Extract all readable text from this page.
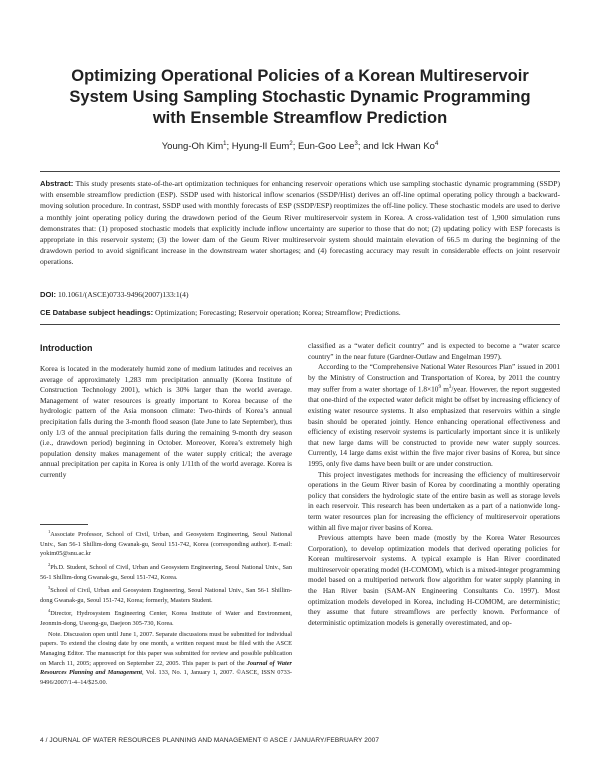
Optimizing Operational Policies of a Korean Multireservoir
System Using Sampling Stochastic Dynamic Programming
with Ensemble Streamflow Prediction
Young-Oh Kim$^1$; Hyung-Il Eum$^2$; Eun-Goo Lee$^3$; and Ick Hwan Ko$^4$
Abstract: This study presents state-of-the-art optimization techniques for enhancing reservoir operations which use sampling stochastic dynamic programming (SSDP) with ensemble streamflow prediction (ESP). SSDP used with historical inflow scenarios (SSDP/Hist) derives an off-line optimal operating policy through a backward-moving solution procedure. In contrast, SSDP used with monthly forecasts of ESP (SSDP/ESP) reoptimizes the off-line policy. These stochastic models are used to derive a monthly joint operating policy during the drawdown period of the Geum River multireservoir system in Korea. A cross-validation test of 1,900 simulation runs demonstrates that: (1) proposed stochastic models that explicitly include inflow uncertainty are superior to those that do not; (2) updating policy with ESP forecasts is appropriate in this reservoir system; (3) the lower dam of the Geum River multireservoir system should maintain elevation of 66.5 m during the beginning of the drawdown period to avoid significant increase in the downstream water shortages; and (4) forecasting accuracy may result in considerable effects on joint reservoir operations.
DOI: 10.1061/(ASCE)0733-9496(2007)133:1(4)
CE Database subject headings: Optimization; Forecasting; Reservoir operation; Korea; Streamflow; Predictions.
Introduction

Korea is located in the moderately humid zone of medium latitudes and receives an average of approximately 1,283 mm precipitation annually (Korea Institute of Construction Technology 2001), which is 30% larger than the world average. Management of water resources is greatly important to Korea because of the hydrologic pattern of the Asia monsoon climate: Two-thirds of Korea’s annual precipitation falls during the 3-month flood season (late June to late September), thus only 1/3 of the annual precipitation falls during the remaining 9-month dry season (i.e., drawdown period) beginning in October. Moreover, Korea’s extremely high population density makes management of the water supply critical; the average annual precipitation per capita in Korea is only 1/11th of the world average. Korea is currently

$^1$Associate Professor, School of Civil, Urban, and Geosystem Engineering, Seoul National Univ., San 56-1 Shillim-dong Gwanak-gu, Seoul 151-742, Korea (corresponding author). E-mail: yokim05@snu.ac.kr

$^2$Ph.D. Student, School of Civil, Urban and Geosystem Engineering, Seoul National Univ., San 56-1 Shillim-dong Gwanak-gu, Seoul 151-742, Korea.

$^3$School of Civil, Urban and Geosystem Engineering, Seoul National Univ., San 56-1 Shillim-dong Gwanak-gu, Seoul 151-742, Korea; formerly, Masters Student.

$^4$Director, Hydrosystem Engineering Center, Korea Institute of Water and Environment, Jeonmin-dong, Useong-gu, Daejeon 305-730, Korea.

Note. Discussion open until June 1, 2007. Separate discussions must be submitted for individual papers. To extend the closing date by one month, a written request must be filed with the ASCE Managing Editor. The manuscript for this paper was submitted for review and possible publication on March 11, 2005; approved on September 22, 2005. This paper is part of the Journal of Water Resources Planning and Management, Vol. 133, No. 1, January 1, 2007. ©ASCE, ISSN 0733-9496/2007/1-4–14/$25.00.

classified as a “water deficit country” and is expected to become a “water scarce country” in the near future (Gardner-Outlaw and Engelman 1997).

According to the “Comprehensive National Water Resources Plan” issued in 2001 by the Ministry of Construction and Transportation of Korea, by 2011 the country may suffer from a water shortage of $1.8\times 10^9$ $m^3$/year. However, the report suggested that one-third of the expected water deficit might be offset by increasing efficiency of existing water resource systems. It also emphasized that reservoirs within a single basin should be operated jointly. Hence enhancing operational effectiveness and efficiency of existing reservoir systems is particularly important since it is unlikely that new large dams will be constructed to provide new water supply sources. Currently, 14 large dams exist within the five major river basins of Korea, but since 1995, only five dams have been built or are under construction.

This project investigates methods for increasing the efficiency of multireservoir operations in the Geum River basin of Korea by coordinating a monthly operating policy that considers the hydrologic state of the entire basin as well as storage levels in each reservoir. This research has been undertaken as a part of a nationwide long-term water resources plan for increasing the efficiency of multireservoir operations within all five major river basins of Korea.

Previous attempts have been made (mostly by the Korea Water Resources Corporation), to develop optimization models that derived operating policies for Korean multireservoir systems. A typical example is Han River coordinated multireservoir operating model (H-COMOM), which is a mixed-integer programming model based on a multiperiod network flow algorithm for water supply planning in the Han River basin (SAM-AN Engineering Consultants Co. 1997). Most optimization models developed in Korea, including H-COMOM, are deterministic; they assume that future streamflows are perfectly known. Performance of deterministic optimization models is generally overestimated, and op-

4 / JOURNAL OF WATER RESOURCES PLANNING AND MANAGEMENT © ASCE / JANUARY/FEBRUARY 2007
